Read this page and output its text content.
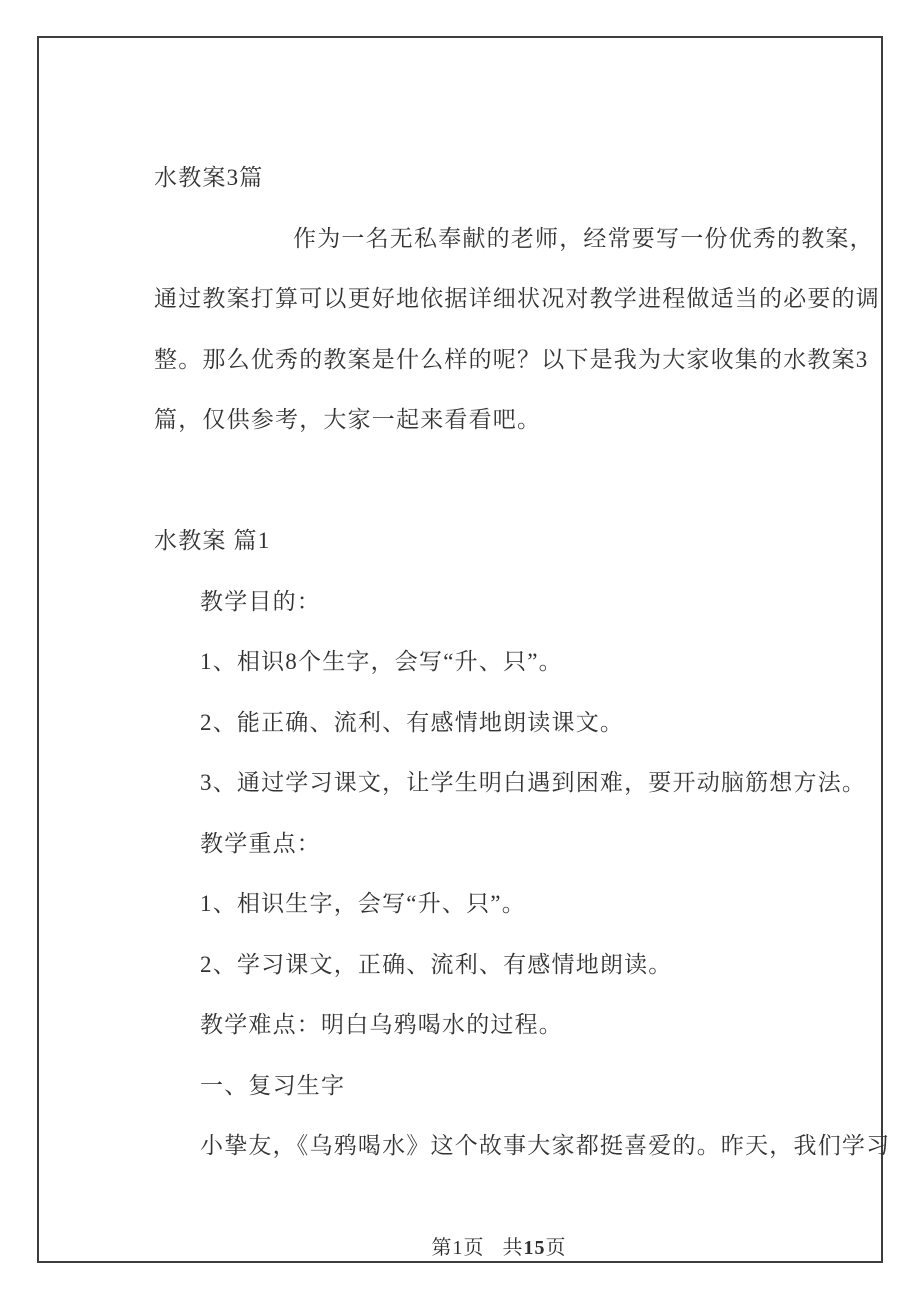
水教案3篇
作为一名无私奉献的老师，经常要写一份优秀的教案，
通过教案打算可以更好地依据详细状况对教学进程做适当的必要的调
整。那么优秀的教案是什么样的呢？以下是我为大家收集的水教案3
篇，仅供参考，大家一起来看看吧。
水教案 篇1
教学目的：
1、相识8个生字，会写“升、只”。
2、能正确、流利、有感情地朗读课文。
3、通过学习课文，让学生明白遇到困难，要开动脑筋想方法。
教学重点：
1、相识生字，会写“升、只”。
2、学习课文，正确、流利、有感情地朗读。
教学难点：明白乌鸦喝水的过程。
一、复习生字
小挚友，《乌鸦喝水》这个故事大家都挺喜爱的。昨天，我们学习
第1页 共15页
